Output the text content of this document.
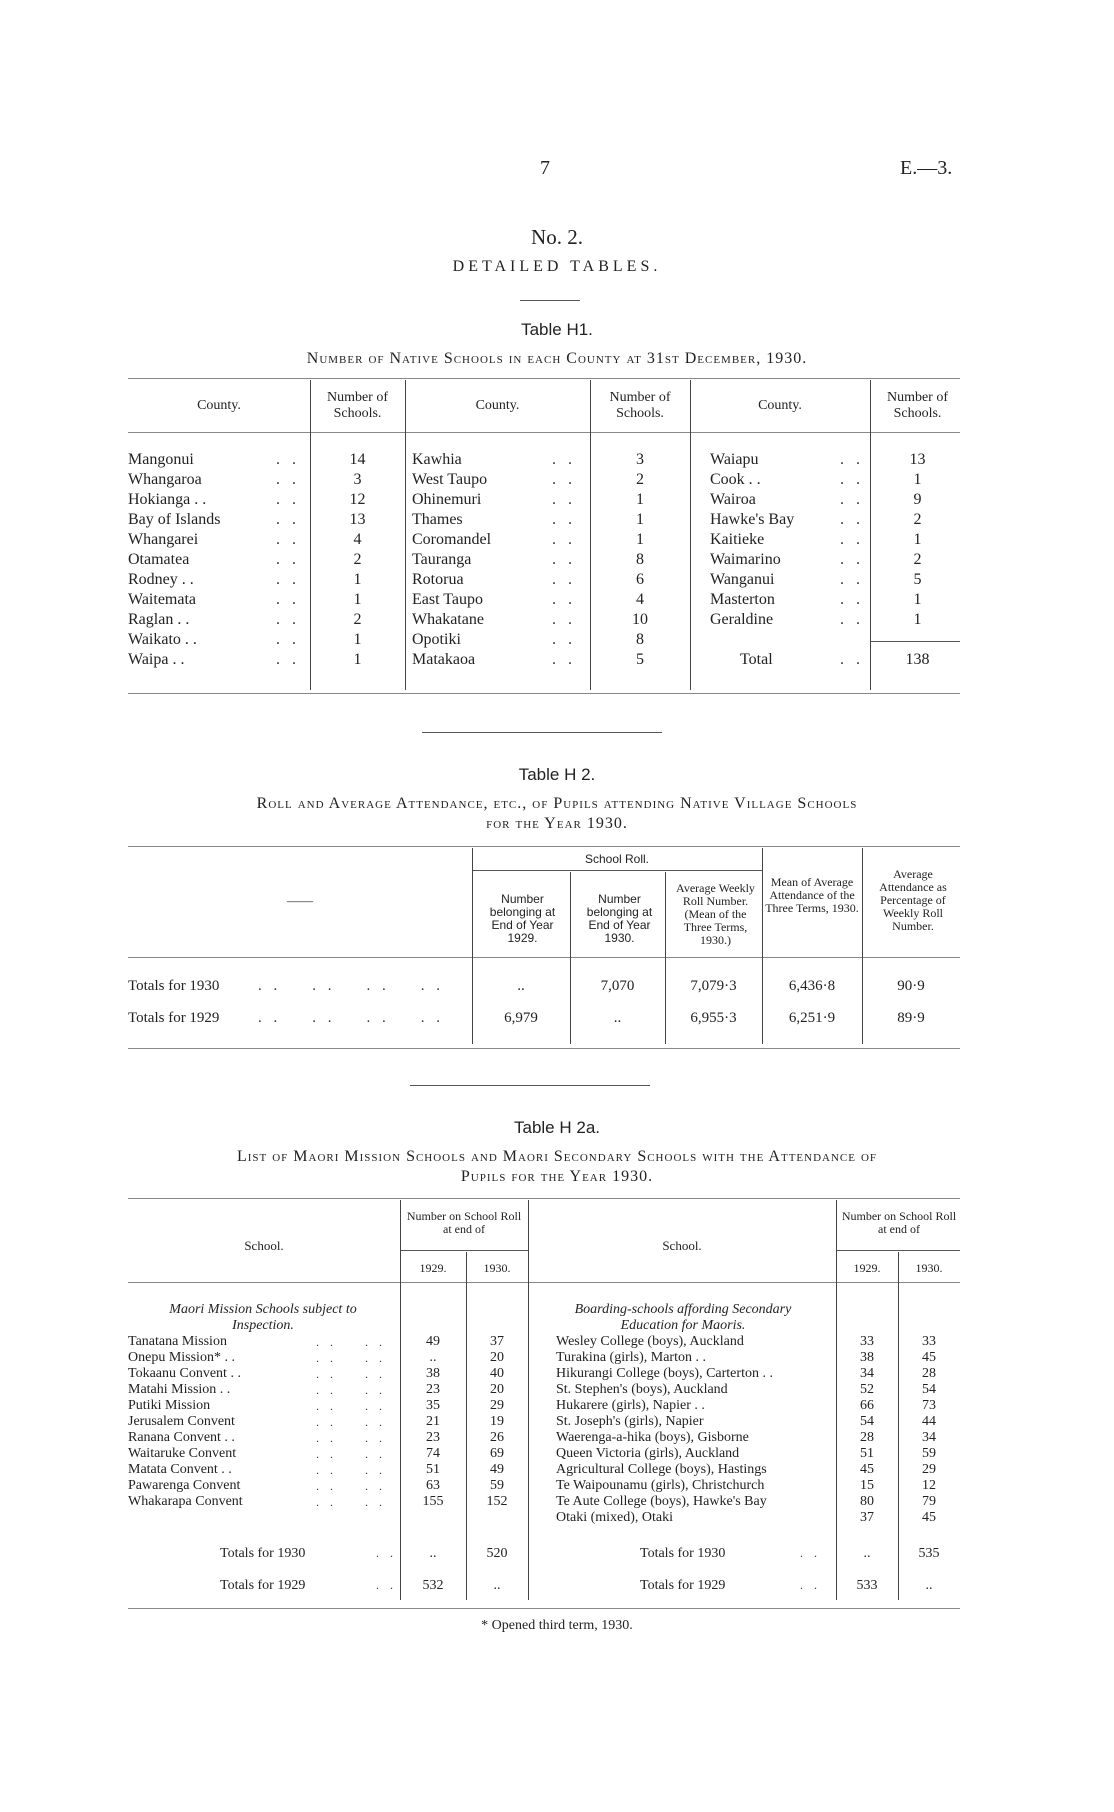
7	E.—3.
No. 2.
DETAILED TABLES.
Table H1.
Number of Native Schools in each County at 31st December, 1930.
County.
Number of Schools.
County.
Number of Schools.
County.
Number of Schools.
Mangonui	. .	14

Whangaroa	. .	3

Hokianga . .	. .	12

Bay of Islands	. .	13

Whangarei	. .	4

Otamatea	. .	2

Rodney . .	. .	1

Waitemata	. .	1

Raglan . .	. .	2

Waikato . .	. .	1

Waipa . .	. .	1

Kawhia	. .	3

West Taupo	. .	2

Ohinemuri	. .	1

Thames	. .	1

Coromandel	. .	1

Tauranga	. .	8

Rotorua	. .	6

East Taupo	. .	4

Whakatane	. .	10

Opotiki	. .	8

Matakaoa	. .	5

Waiapu	. .	13

Cook . .	. .	1

Wairoa	. .	9

Hawke's Bay	. .	2

Kaitieke	. .	1

Waimarino	. .	2

Wanganui	. .	5

Masterton	. .	1

Geraldine	. .	1

Total	. .	138

Table H 2.
Roll and Average Attendance, etc., of Pupils attending Native Village Schools
for the Year 1930.
——
School Roll.
Number belonging at End of Year 1929.
Number belonging at End of Year 1930.
Average Weekly Roll Number. (Mean of the Three Terms, 1930.)
Mean of Average Attendance of the Three Terms, 1930.
Average Attendance as Percentage of Weekly Roll Number.
Totals for 1930	. .    . .    . .    . .	..	7,070	7,079·3	6,436·8	90·9
Totals for 1929	. .    . .    . .    . .	6,979	..	6,955·3	6,251·9	89·9
Table H 2a.
List of Maori Mission Schools and Maori Secondary Schools with the Attendance of
Pupils for the Year 1930.
School.
Number on School Roll at end of
1929.	1930.
School.
Number on School Roll at end of
1929.	1930.
Maori Mission Schools subject to Inspection.
Tanatana Mission	. .    . .	49	37
Onepu Mission* . .	. .    . .	..	20
Tokaanu Convent . .	. .    . .	38	40
Matahi Mission . .	. .    . .	23	20
Putiki Mission	. .    . .	35	29
Jerusalem Convent	. .    . .	21	19
Ranana Convent . .	. .    . .	23	26
Waitaruke Convent	. .    . .	74	69
Matata Convent . .	. .    . .	51	49
Pawarenga Convent	. .    . .	63	59
Whakarapa Convent	. .    . .	155	152
Boarding-schools affording Secondary Education for Maoris.
Wesley College (boys), Auckland	33	33
Turakina (girls), Marton . .	38	45
Hikurangi College (boys), Carterton . .	34	28
St. Stephen's (boys), Auckland	52	54
Hukarere (girls), Napier . .	66	73
St. Joseph's (girls), Napier	54	44
Waerenga-a-hika (boys), Gisborne	28	34
Queen Victoria (girls), Auckland	51	59
Agricultural College (boys), Hastings	45	29
Te Waipounamu (girls), Christchurch	15	12
Te Aute College (boys), Hawke's Bay	80	79
Otaki (mixed), Otaki	37	45
Totals for 1930	. .	..	520	Totals for 1930	. .	..	535
Totals for 1929	. .	532	..	Totals for 1929	. .	533	..
* Opened third term, 1930.
